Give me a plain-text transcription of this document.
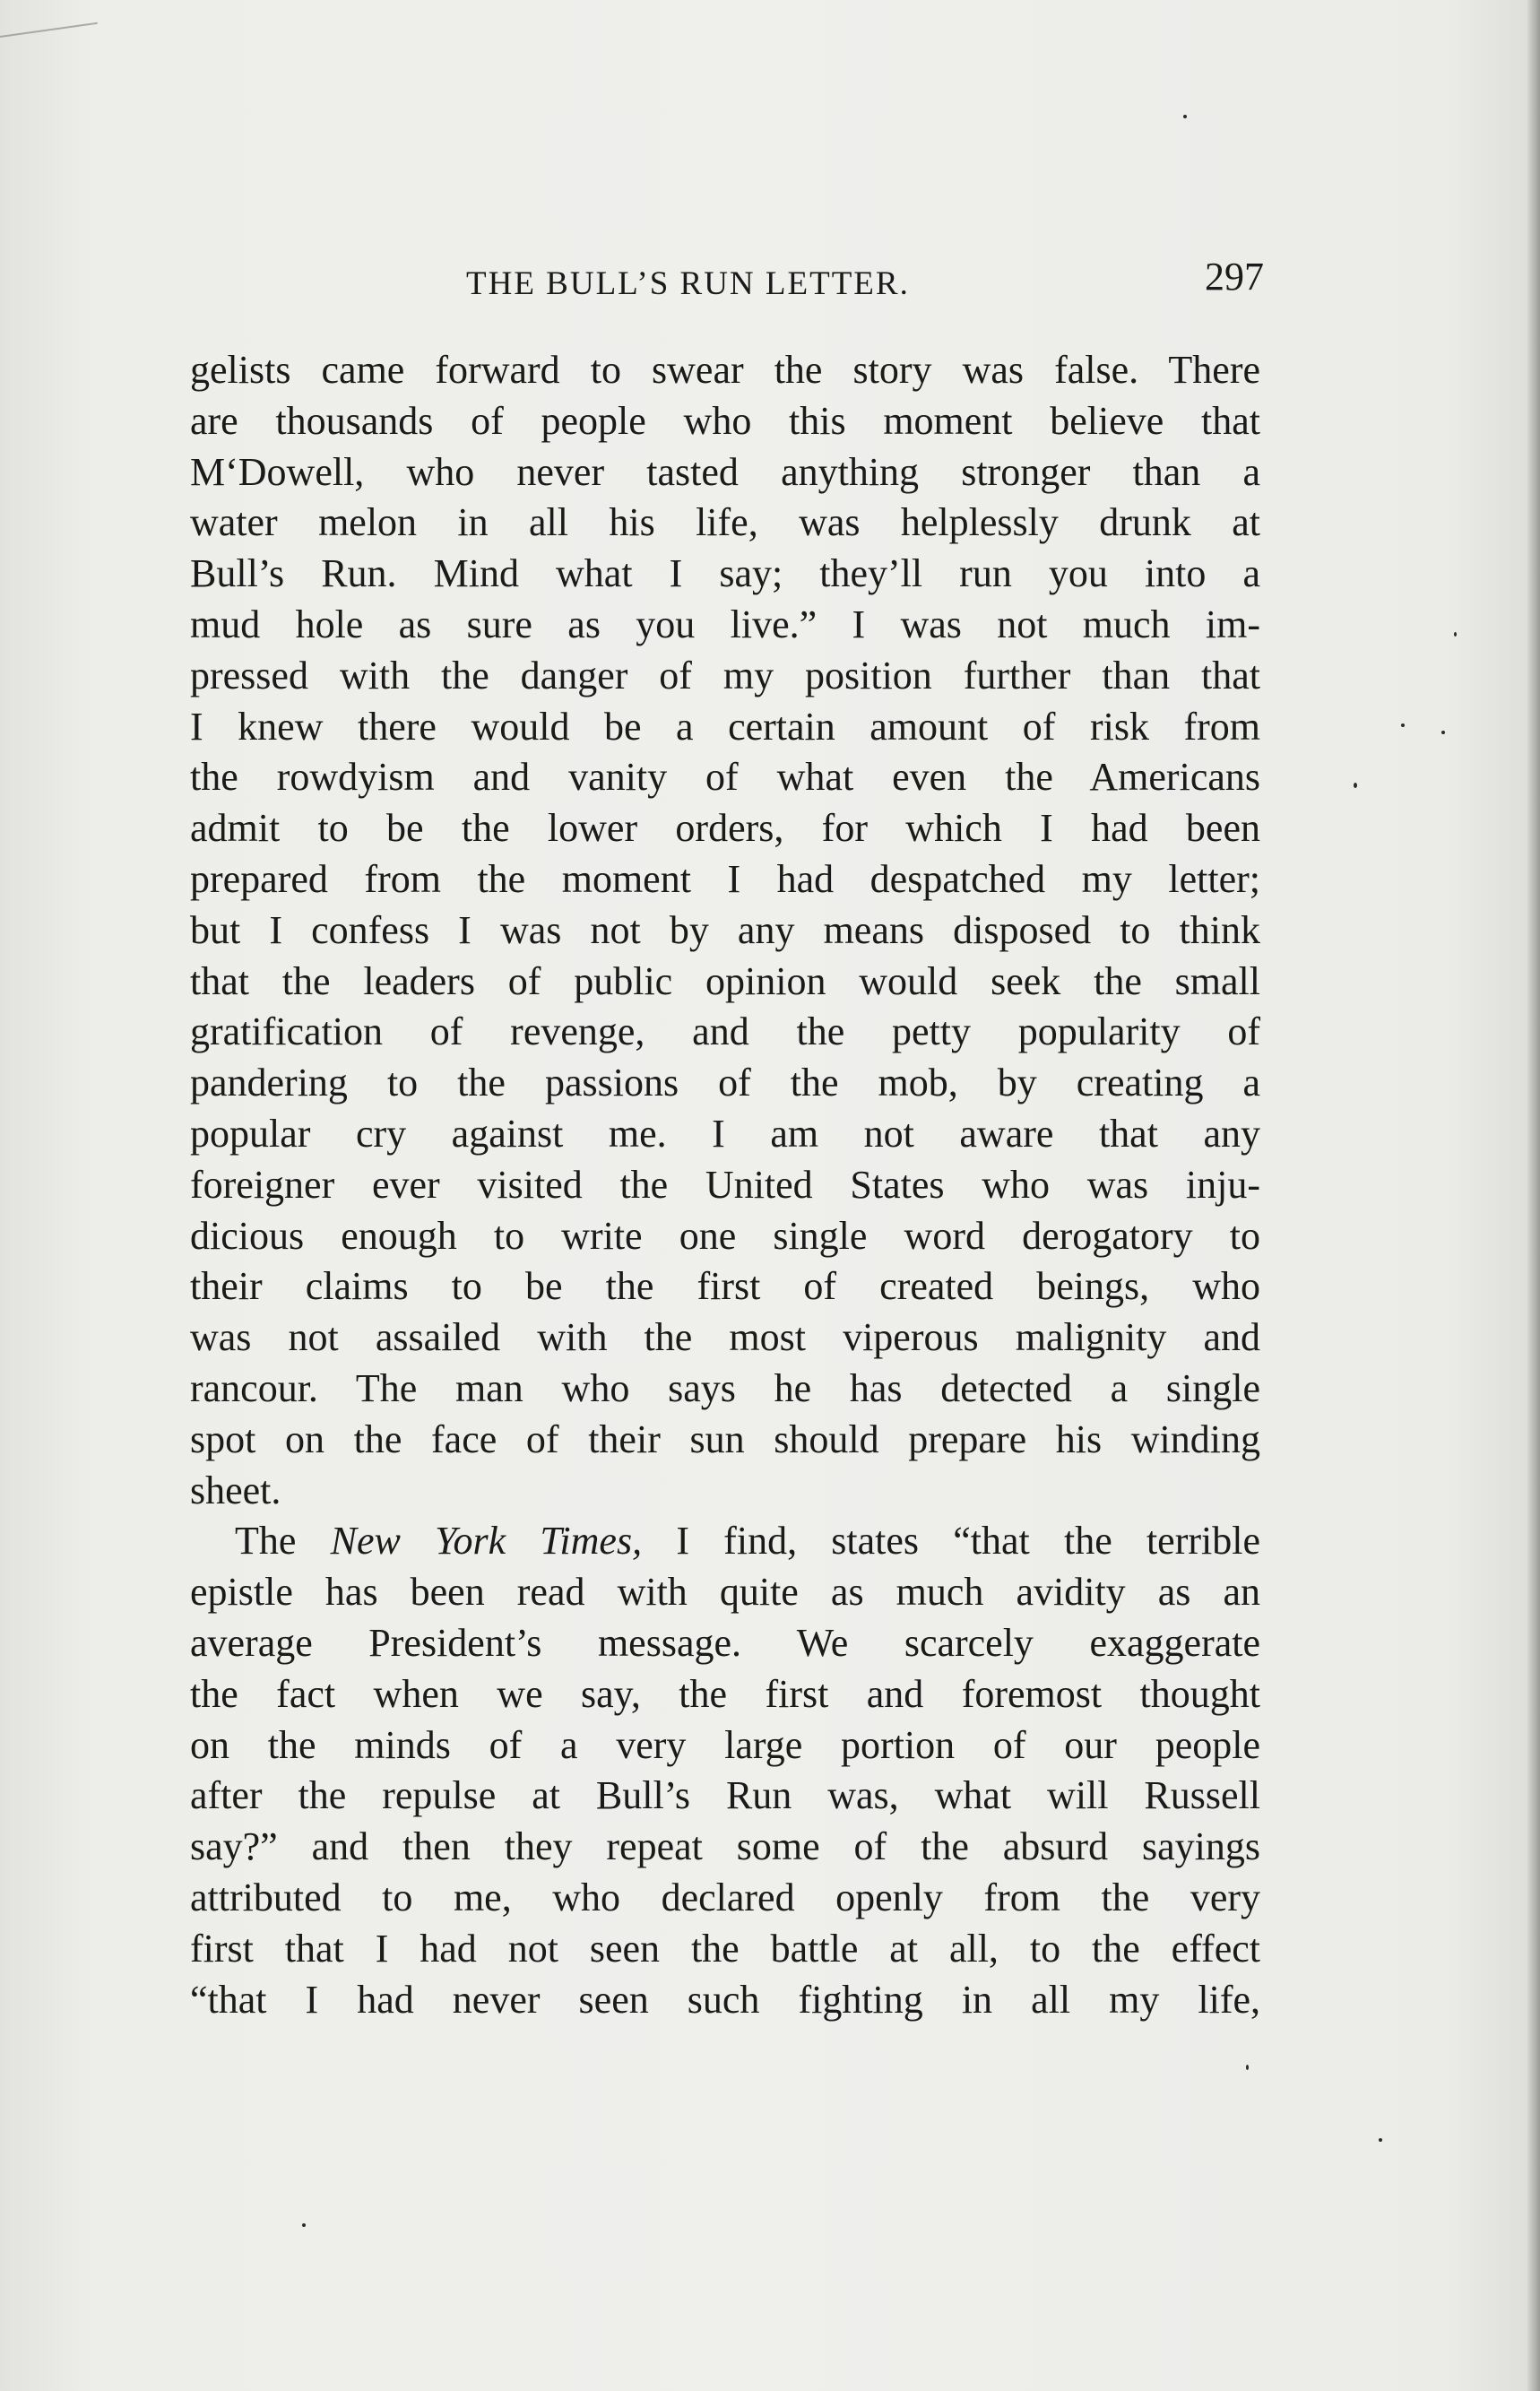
THE BULL’S RUN LETTER.	297
gelists came forward to swear the story was false. There
are thousands of people who this moment believe that
M‘Dowell, who never tasted anything stronger than a
water melon in all his life, was helplessly drunk at
Bull’s Run. Mind what I say; they’ll run you into a
mud hole as sure as you live.” I was not much im-
pressed with the danger of my position further than that
I knew there would be a certain amount of risk from
the rowdyism and vanity of what even the Americans
admit to be the lower orders, for which I had been
prepared from the moment I had despatched my letter;
but I confess I was not by any means disposed to think
that the leaders of public opinion would seek the small
gratification of revenge, and the petty popularity of
pandering to the passions of the mob, by creating a
popular cry against me. I am not aware that any
foreigner ever visited the United States who was inju-
dicious enough to write one single word derogatory to
their claims to be the first of created beings, who
was not assailed with the most viperous malignity and
rancour. The man who says he has detected a single
spot on the face of their sun should prepare his winding
sheet.
The New York Times, I find, states “that the terrible
epistle has been read with quite as much avidity as an
average President’s message. We scarcely exaggerate
the fact when we say, the first and foremost thought
on the minds of a very large portion of our people
after the repulse at Bull’s Run was, what will Russell
say?” and then they repeat some of the absurd sayings
attributed to me, who declared openly from the very
first that I had not seen the battle at all, to the effect
“that I had never seen such fighting in all my life,
